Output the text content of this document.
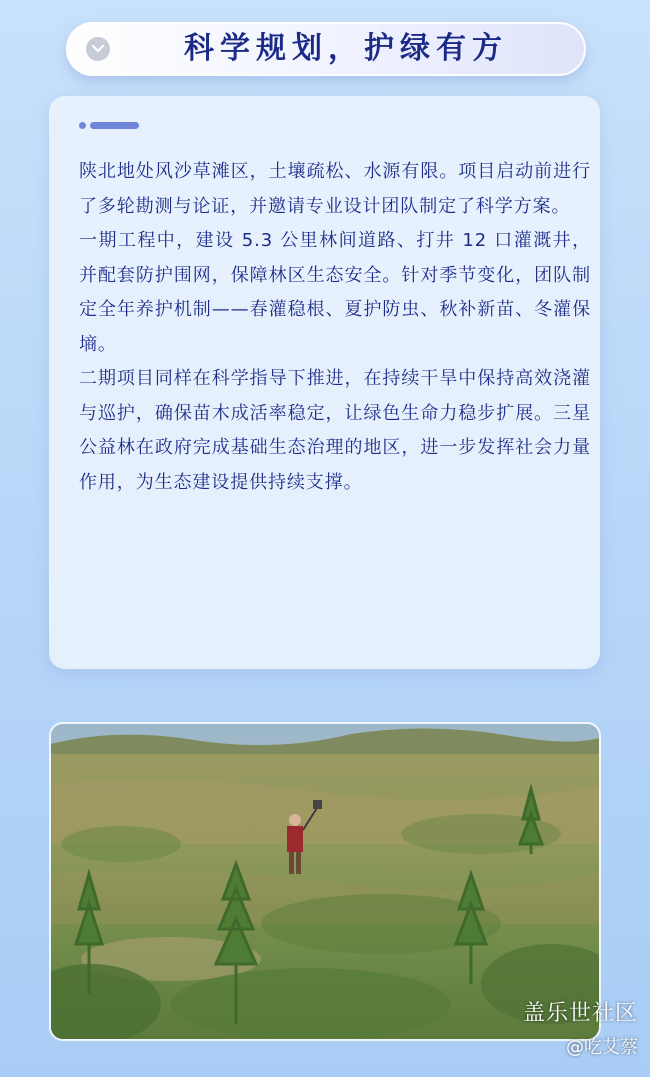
科学规划，护绿有方

陕北地处风沙草滩区，土壤疏松、水源有限。项目启动前进行了多轮勘测与论证，并邀请专业设计团队制定了科学方案。

一期工程中，建设 5.3 公里林间道路、打井 12 口灌溉井，并配套防护围网，保障林区生态安全。针对季节变化，团队制定全年养护机制——春灌稳根、夏护防虫、秋补新苗、冬灌保墒。

二期项目同样在科学指导下推进，在持续干旱中保持高效浇灌与巡护，确保苗木成活率稳定，让绿色生命力稳步扩展。三星公益林在政府完成基础生态治理的地区，进一步发挥社会力量作用，为生态建设提供持续支撑。

盖乐世社区
@吃艾蔡
